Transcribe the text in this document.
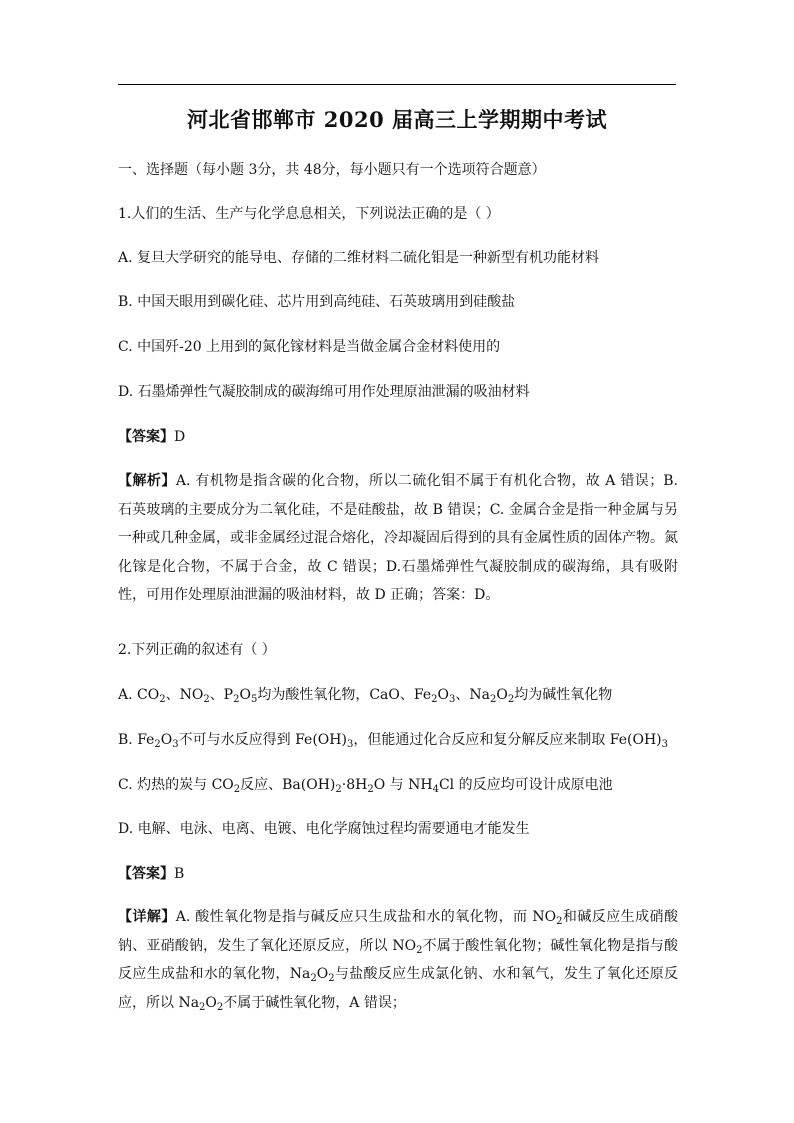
河北省邯郸市 2020 届高三上学期期中考试
一、选择题（每小题 3分，共 48分，每小题只有一个选项符合题意）
1.人们的生活、生产与化学息息相关，下列说法正确的是（ ）
A. 复旦大学研究的能导电、存储的二维材料二硫化钼是一种新型有机功能材料
B. 中国天眼用到碳化硅、芯片用到高纯硅、石英玻璃用到硅酸盐
C. 中国歼-20 上用到的氮化镓材料是当做金属合金材料使用的
D. 石墨烯弹性气凝胶制成的碳海绵可用作处理原油泄漏的吸油材料
【答案】D
【解析】A. 有机物是指含碳的化合物，所以二硫化钼不属于有机化合物，故 A 错误；B. 石英玻璃的主要成分为二氧化硅，不是硅酸盐，故 B 错误；C. 金属合金是指一种金属与另一种或几种金属，或非金属经过混合熔化，冷却凝固后得到的具有金属性质的固体产物。氮化镓是化合物，不属于合金，故 C 错误；D.石墨烯弹性气凝胶制成的碳海绵，具有吸附性，可用作处理原油泄漏的吸油材料，故 D 正确；答案：D。
2.下列正确的叙述有（ ）
A. $CO_2$、$NO_2$、$P_2O_5$均为酸性氧化物，CaO、$Fe_2O_3$、$Na_2O_2$均为碱性氧化物
B. $Fe_2O_3$不可与水反应得到 $Fe(OH)_3$，但能通过化合反应和复分解反应来制取 $Fe(OH)_3$
C. 灼热的炭与 $CO_2$反应、$Ba(OH)_2\cdot 8H_2O$ 与 $NH_4Cl$ 的反应均可设计成原电池
D. 电解、电泳、电离、电镀、电化学腐蚀过程均需要通电才能发生
【答案】B
【详解】A. 酸性氧化物是指与碱反应只生成盐和水的氧化物，而 $NO_2$和碱反应生成硝酸钠、亚硝酸钠，发生了氧化还原反应，所以 $NO_2$不属于酸性氧化物；碱性氧化物是指与酸反应生成盐和水的氧化物，$Na_2O_2$与盐酸反应生成氯化钠、水和氧气，发生了氧化还原反应，所以 $Na_2O_2$不属于碱性氧化物，A 错误；
